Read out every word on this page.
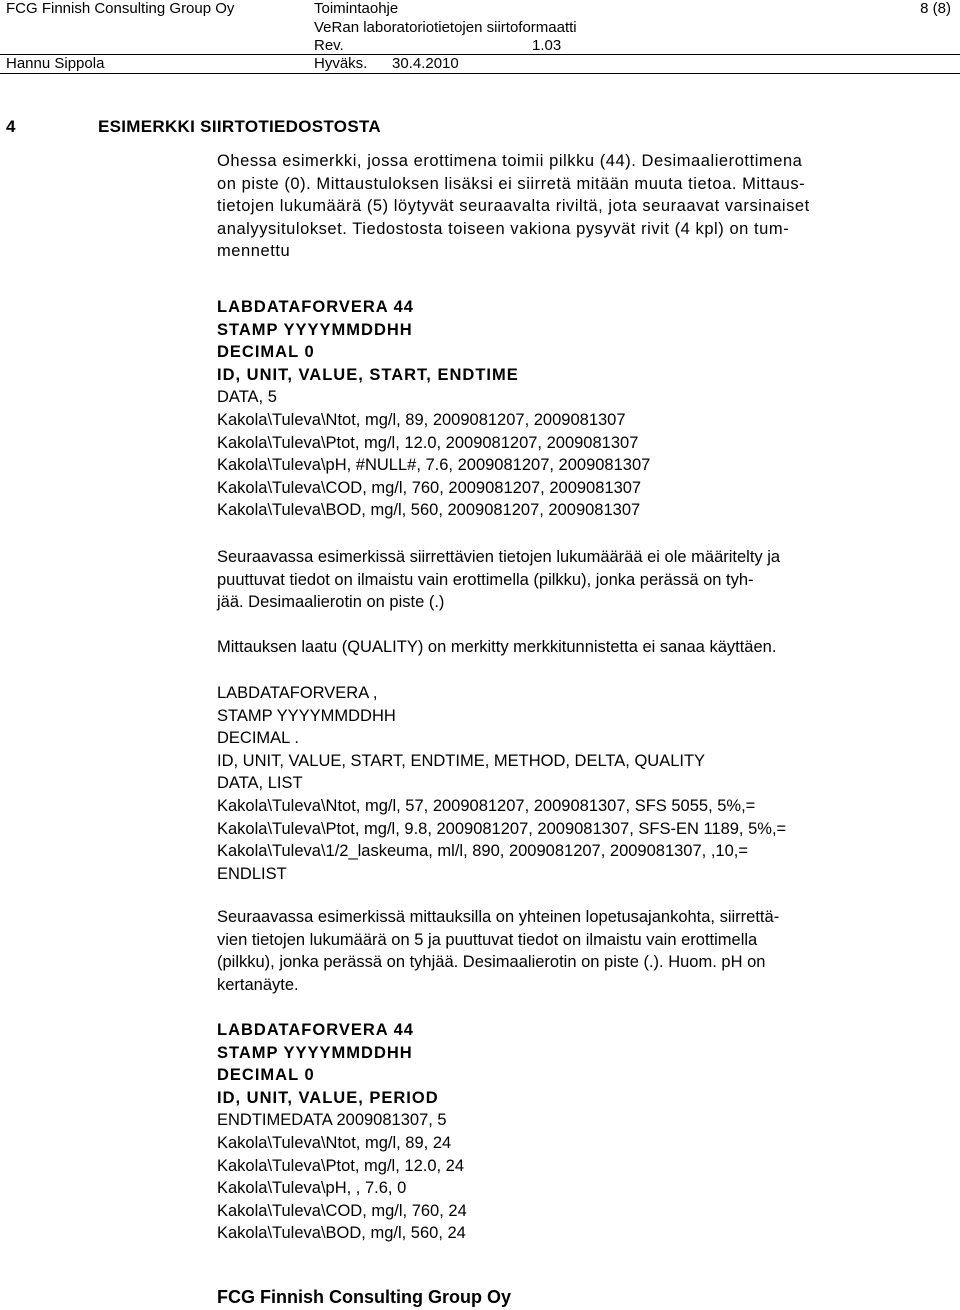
FCG Finnish Consulting Group Oy	Toimintaohje	8 (8)
VeRan laboratoriotietojen siirtoformaatti
Rev.	1.03
Hannu Sippola	Hyväks. 30.4.2010
4	ESIMERKKI SIIRTOTIEDOSTOSTA
Ohessa esimerkki, jossa erottimena toimii pilkku (44). Desimaalierottimena
on piste (0). Mittaustuloksen lisäksi ei siirretä mitään muuta tietoa. Mittaus-
tietojen lukumäärä (5) löytyvät seuraavalta riviltä, jota seuraavat varsinaiset
analyysitulokset. Tiedostosta toiseen vakiona pysyvät rivit (4 kpl) on tum-
mennettu
LABDATAFORVERA 44
STAMP YYYYMMDDHH
DECIMAL 0
ID, UNIT, VALUE, START, ENDTIME
DATA, 5
Kakola\Tuleva\Ntot, mg/l, 89, 2009081207, 2009081307
Kakola\Tuleva\Ptot, mg/l, 12.0, 2009081207, 2009081307
Kakola\Tuleva\pH, #NULL#, 7.6, 2009081207, 2009081307
Kakola\Tuleva\COD, mg/l, 760, 2009081207, 2009081307
Kakola\Tuleva\BOD, mg/l, 560, 2009081207, 2009081307
Seuraavassa esimerkissä siirrettävien tietojen lukumäärää ei ole määritelty ja
puuttuvat tiedot on ilmaistu vain erottimella (pilkku), jonka perässä on tyh-
jää. Desimaalierotin on piste (.)
Mittauksen laatu (QUALITY) on merkitty merkkitunnistetta ei sanaa käyttäen.
LABDATAFORVERA ,
STAMP YYYYMMDDHH
DECIMAL .
ID, UNIT, VALUE, START, ENDTIME, METHOD, DELTA, QUALITY
DATA, LIST
Kakola\Tuleva\Ntot, mg/l, 57, 2009081207, 2009081307, SFS 5055, 5%,=
Kakola\Tuleva\Ptot, mg/l, 9.8, 2009081207, 2009081307, SFS-EN 1189, 5%,=
Kakola\Tuleva\1/2_laskeuma, ml/l, 890, 2009081207, 2009081307, ,10,=
ENDLIST
Seuraavassa esimerkissä mittauksilla on yhteinen lopetusajankohta, siirrettä-
vien tietojen lukumäärä on 5 ja puuttuvat tiedot on ilmaistu vain erottimella
(pilkku), jonka perässä on tyhjää. Desimaalierotin on piste (.). Huom. pH on
kertanäyte.
LABDATAFORVERA 44
STAMP YYYYMMDDHH
DECIMAL 0
ID, UNIT, VALUE, PERIOD
ENDTIMEDATA 2009081307, 5
Kakola\Tuleva\Ntot, mg/l, 89, 24
Kakola\Tuleva\Ptot, mg/l, 12.0, 24
Kakola\Tuleva\pH, , 7.6, 0
Kakola\Tuleva\COD, mg/l, 760, 24
Kakola\Tuleva\BOD, mg/l, 560, 24
FCG Finnish Consulting Group Oy
